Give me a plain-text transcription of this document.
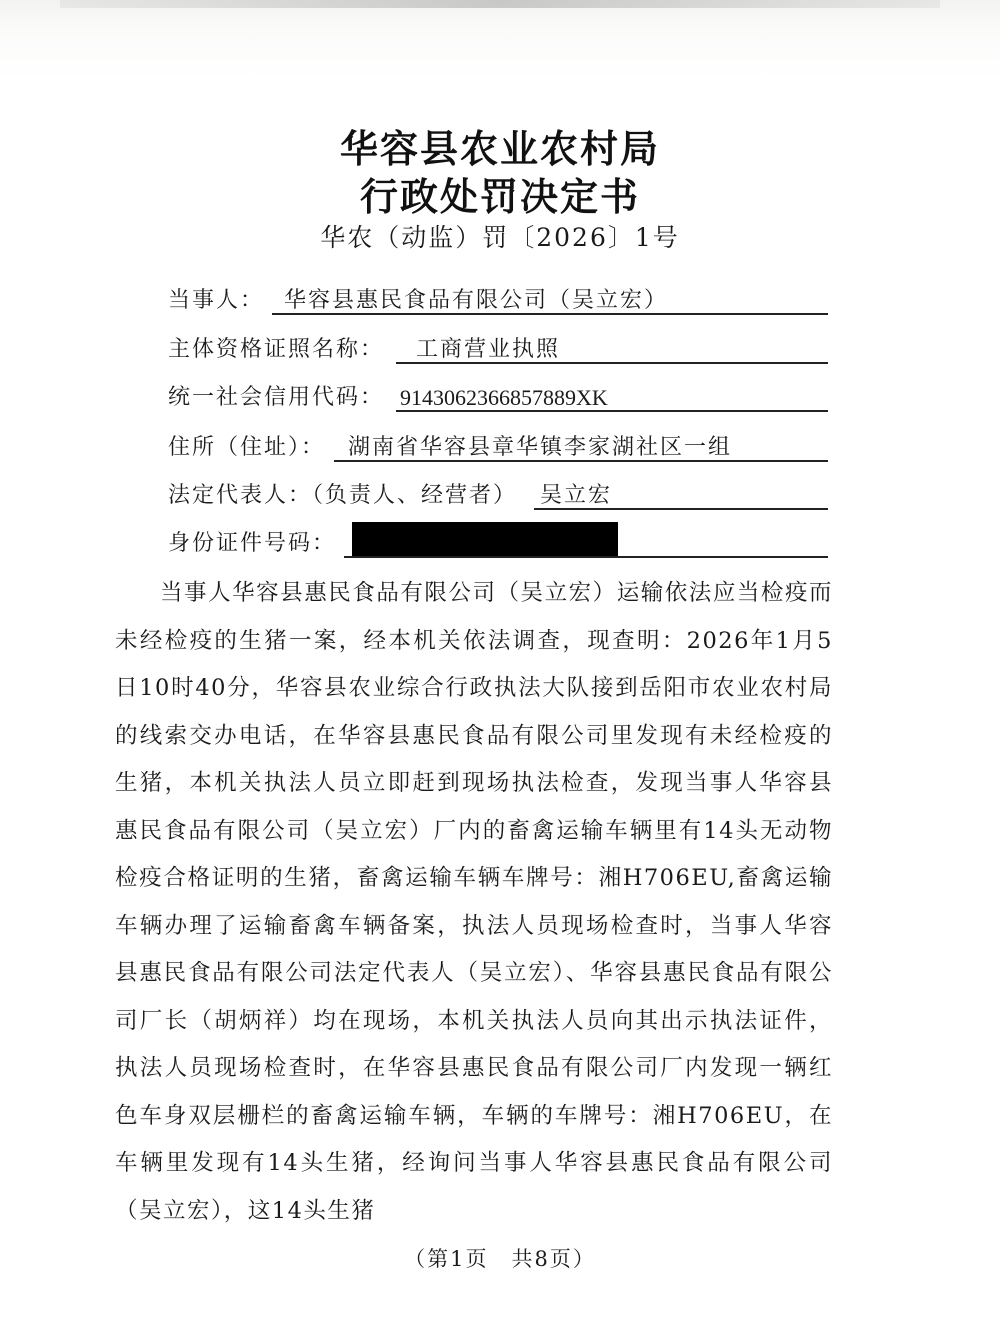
华容县农业农村局
行政处罚决定书
华农（动监）罚〔2026〕1号
当事人： 华容县惠民食品有限公司（吴立宏）
主体资格证照名称： 工商营业执照
统一社会信用代码： 9143062366857889XK
住所（住址）： 湖南省华容县章华镇李家湖社区一组
法定代表人：（负责人、经营者） 吴立宏
身份证件号码：
当事人华容县惠民食品有限公司（吴立宏）运输依法应当检疫而未经检疫的生猪一案，经本机关依法调查，现查明：2026年1月5日10时40分，华容县农业综合行政执法大队接到岳阳市农业农村局的线索交办电话，在华容县惠民食品有限公司里发现有未经检疫的生猪，本机关执法人员立即赶到现场执法检查，发现当事人华容县惠民食品有限公司（吴立宏）厂内的畜禽运输车辆里有14头无动物检疫合格证明的生猪，畜禽运输车辆车牌号：湘H706EU,畜禽运输车辆办理了运输畜禽车辆备案，执法人员现场检查时，当事人华容县惠民食品有限公司法定代表人（吴立宏）、华容县惠民食品有限公司厂长（胡炳祥）均在现场，本机关执法人员向其出示执法证件，执法人员现场检查时，在华容县惠民食品有限公司厂内发现一辆红色车身双层栅栏的畜禽运输车辆，车辆的车牌号：湘H706EU，在车辆里发现有14头生猪，经询问当事人华容县惠民食品有限公司（吴立宏），这14头生猪
（第1页　共8页）
